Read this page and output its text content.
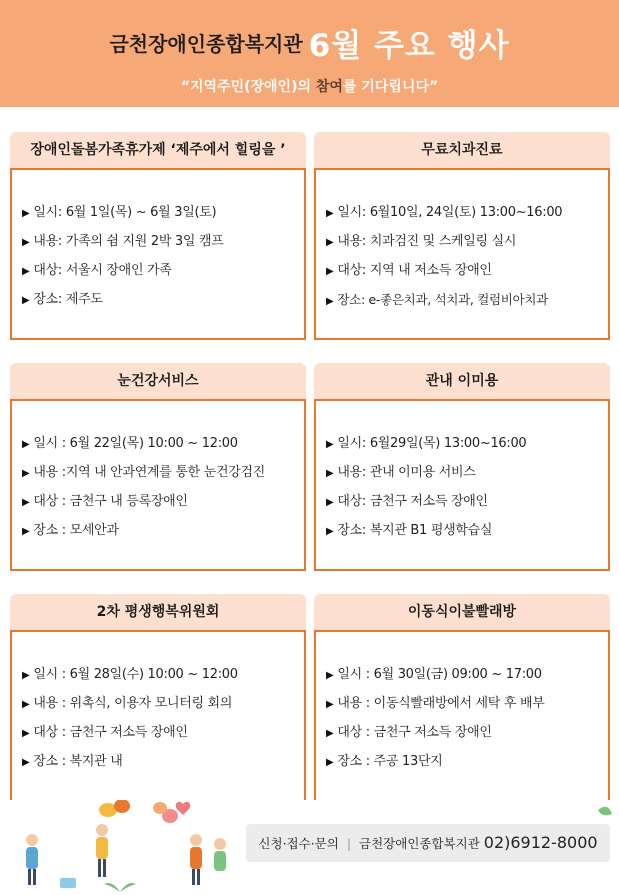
금천장애인종합복지관 6월 주요 행사
“지역주민(장애인)의 참여를 기다립니다”
장애인돌봄가족휴가제 ‘제주에서 힐링을 ’
▶ 일시: 6월 1일(목) ~ 6월 3일(토)
▶ 내용: 가족의 쉼 지원 2박 3일 캠프
▶ 대상: 서울시 장애인 가족
▶ 장소: 제주도
무료치과진료
▶ 일시: 6월10일, 24일(토) 13:00~16:00
▶ 내용: 치과검진 및 스케일링 실시
▶ 대상: 지역 내 저소득 장애인
▶ 장소: e-좋은치과, 석치과, 컬럼비아치과
눈건강서비스
▶ 일시 : 6월 22일(목) 10:00 ~ 12:00
▶ 내용 :지역 내 안과연계를 통한 눈건강검진
▶ 대상 : 금천구 내 등록장애인
▶ 장소 : 모세안과
관내 이미용
▶ 일시: 6월29일(목) 13:00~16:00
▶ 내용: 관내 이미용 서비스
▶ 대상: 금천구 저소득 장애인
▶ 장소: 복지관 B1 평생학습실
2차 평생행복위원회
▶ 일시 : 6월 28일(수) 10:00 ~ 12:00
▶ 내용 : 위촉식, 이용자 모니터링 회의
▶ 대상 : 금천구 저소득 장애인
▶ 장소 : 복지관 내
이동식이불빨래방
▶ 일시 : 6월 30일(금) 09:00 ~ 17:00
▶ 내용 : 이동식빨래방에서 세탁 후 배부
▶ 대상 : 금천구 저소득 장애인
▶ 장소 : 주공 13단지
신청·접수·문의 | 금천장애인종합복지관 02)6912-8000
